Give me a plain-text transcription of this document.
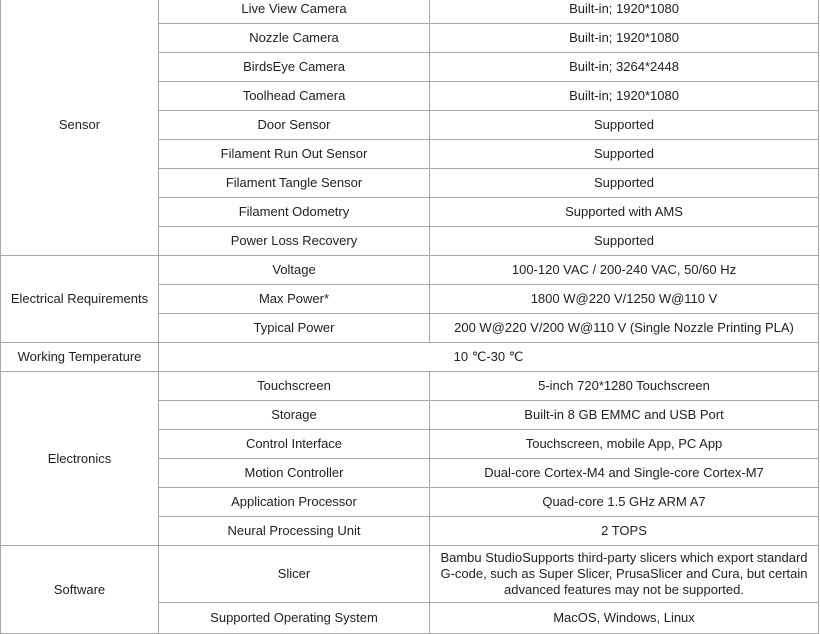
Sensor	Live View Camera	Built-in; 1920*1080
	Nozzle Camera	Built-in; 1920*1080
	BirdsEye Camera	Built-in; 3264*2448
	Toolhead Camera	Built-in; 1920*1080
	Door Sensor	Supported
	Filament Run Out Sensor	Supported
	Filament Tangle Sensor	Supported
	Filament Odometry	Supported with AMS
	Power Loss Recovery	Supported
Electrical Requirements	Voltage	100-120 VAC / 200-240 VAC, 50/60 Hz
	Max Power*	1800 W@220 V/1250 W@110 V
	Typical Power	200 W@220 V/200 W@110 V (Single Nozzle Printing PLA)
Working Temperature	10 ℃-30 ℃	
Electronics	Touchscreen	5-inch 720*1280 Touchscreen
	Storage	Built-in 8 GB EMMC and USB Port
	Control Interface	Touchscreen, mobile App, PC App
	Motion Controller	Dual-core Cortex-M4 and Single-core Cortex-M7
	Application Processor	Quad-core 1.5 GHz ARM A7
	Neural Processing Unit	2 TOPS
Software	Slicer	Bambu StudioSupports third-party slicers which export standard G-code, such as Super Slicer, PrusaSlicer and Cura, but certain advanced features may not be supported.
	Supported Operating System	MacOS, Windows, Linux
